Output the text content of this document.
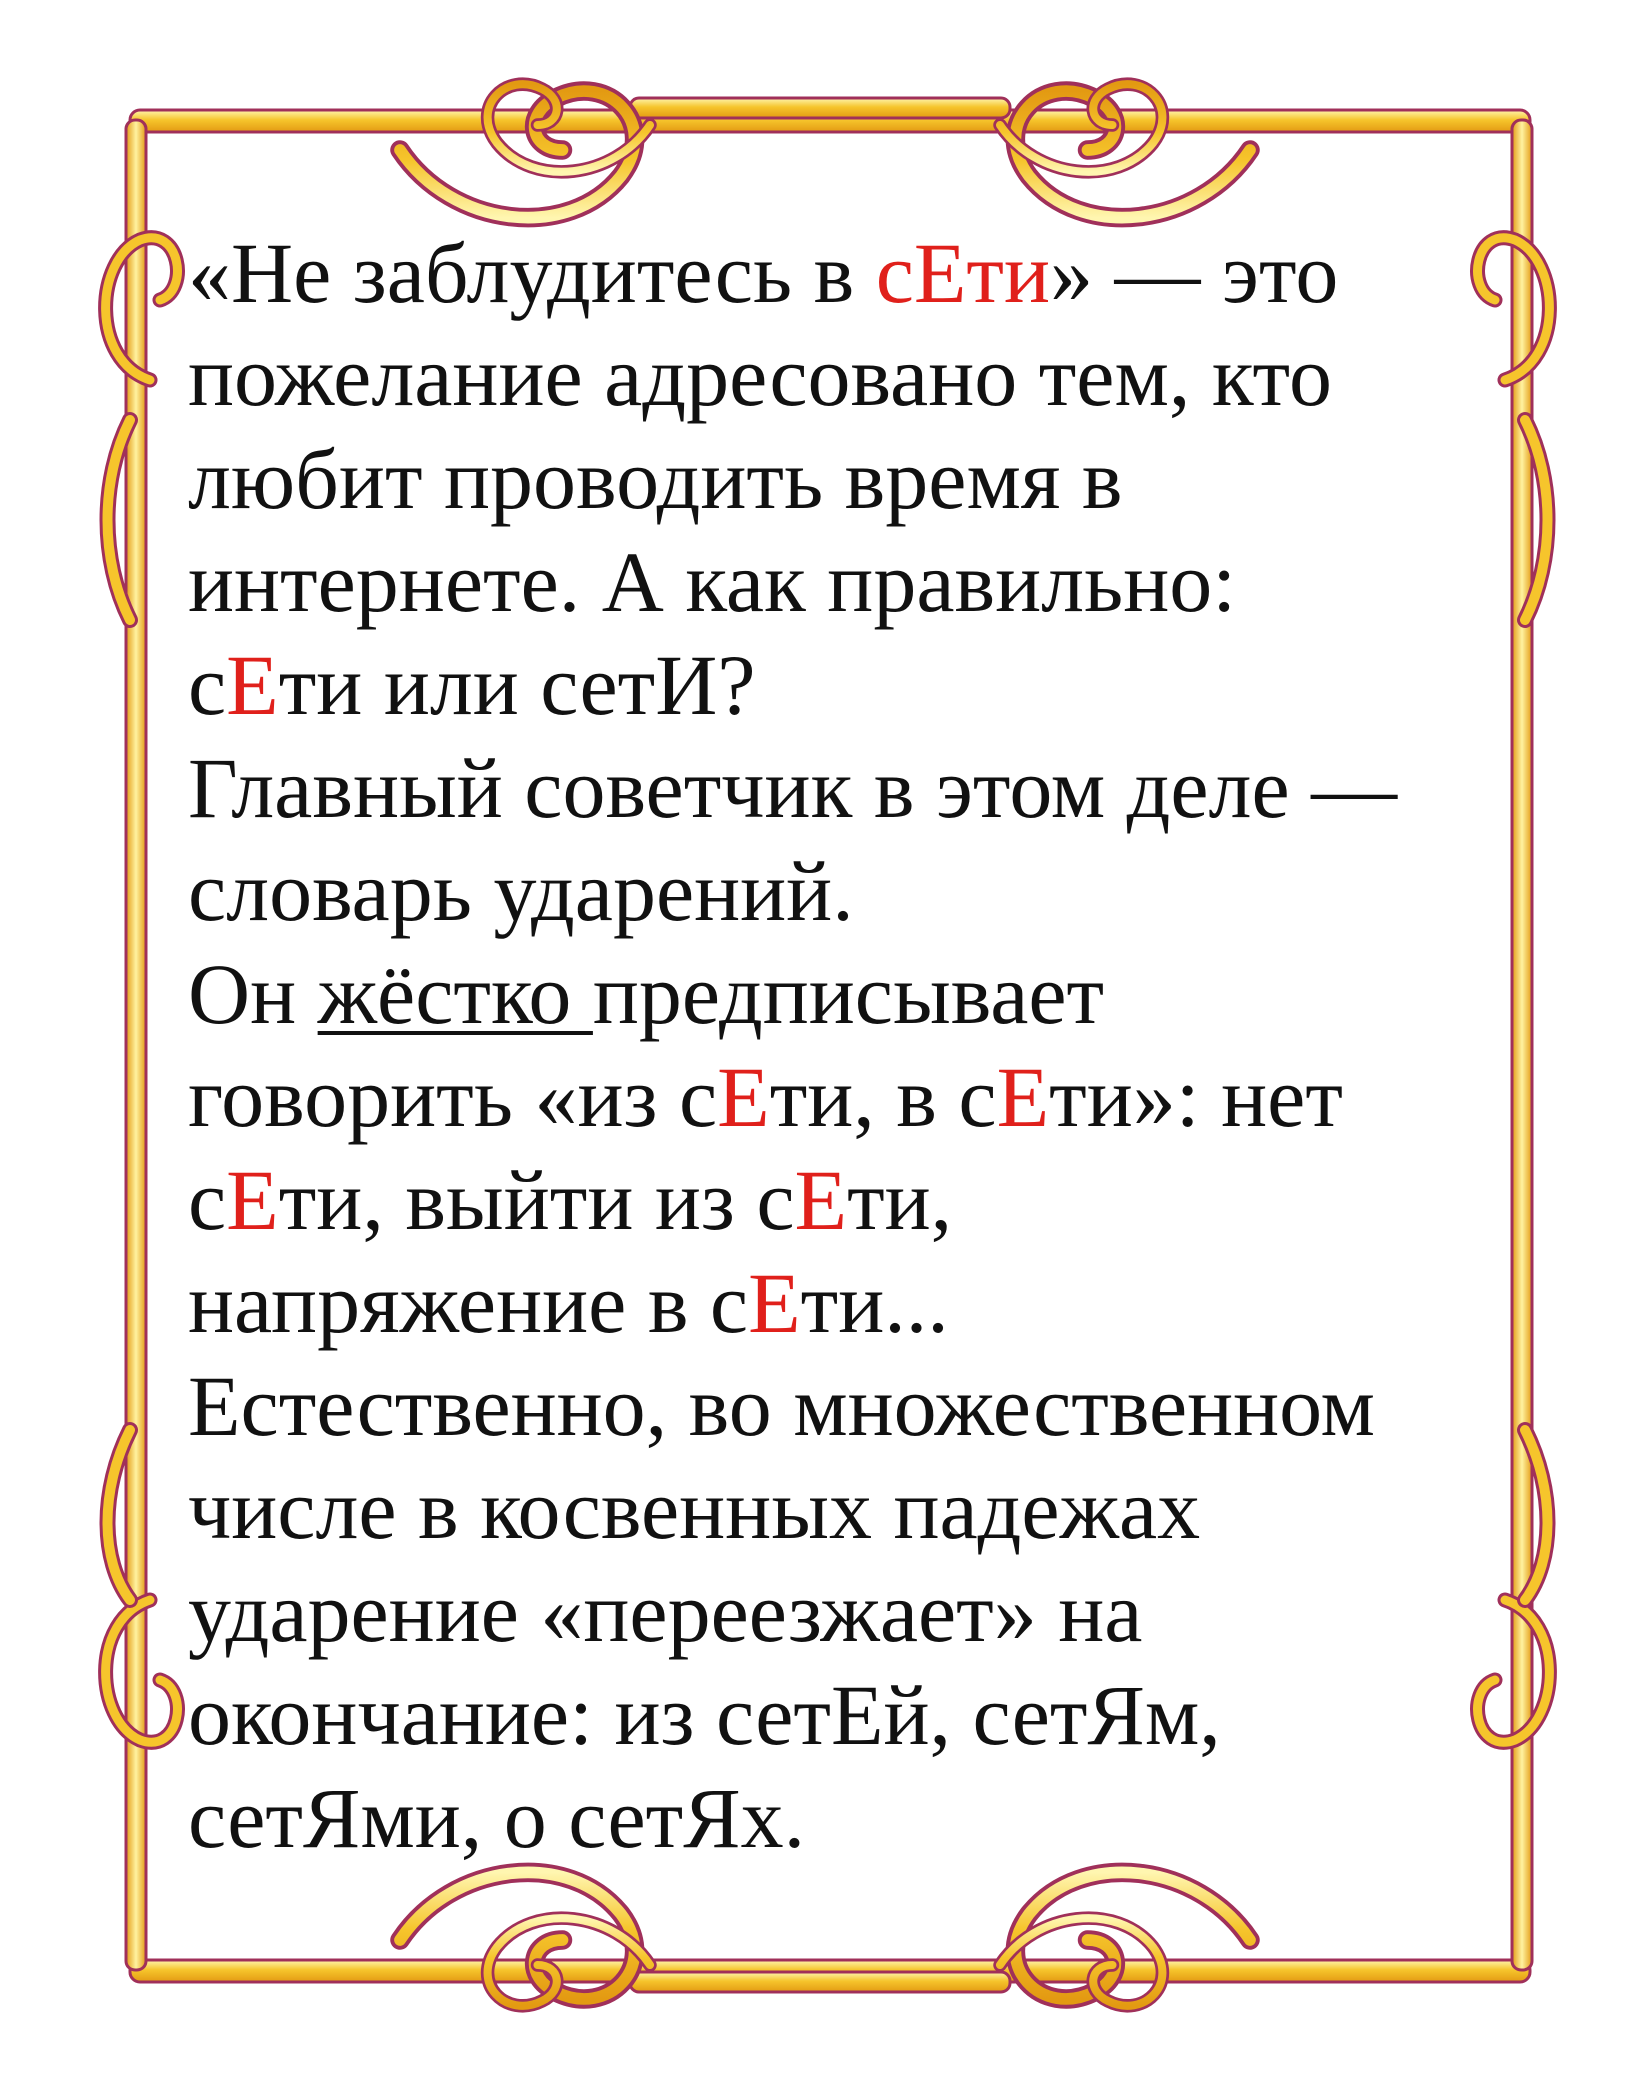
«Не заблудитесь в сЕти» — это
пожелание адресовано тем, кто
любит проводить время в
интернете. А как правильно:
сЕти или сетИ?
Главный советчик в этом деле —
словарь ударений.
Он жёстко предписывает
говорить «из сЕти, в сЕти»: нет
сЕти, выйти из сЕти,
напряжение в сЕти...
Естественно, во множественном
числе в косвенных падежах
ударение «переезжает» на
окончание: из сетЕй, сетЯм,
сетЯми, о сетЯх.
